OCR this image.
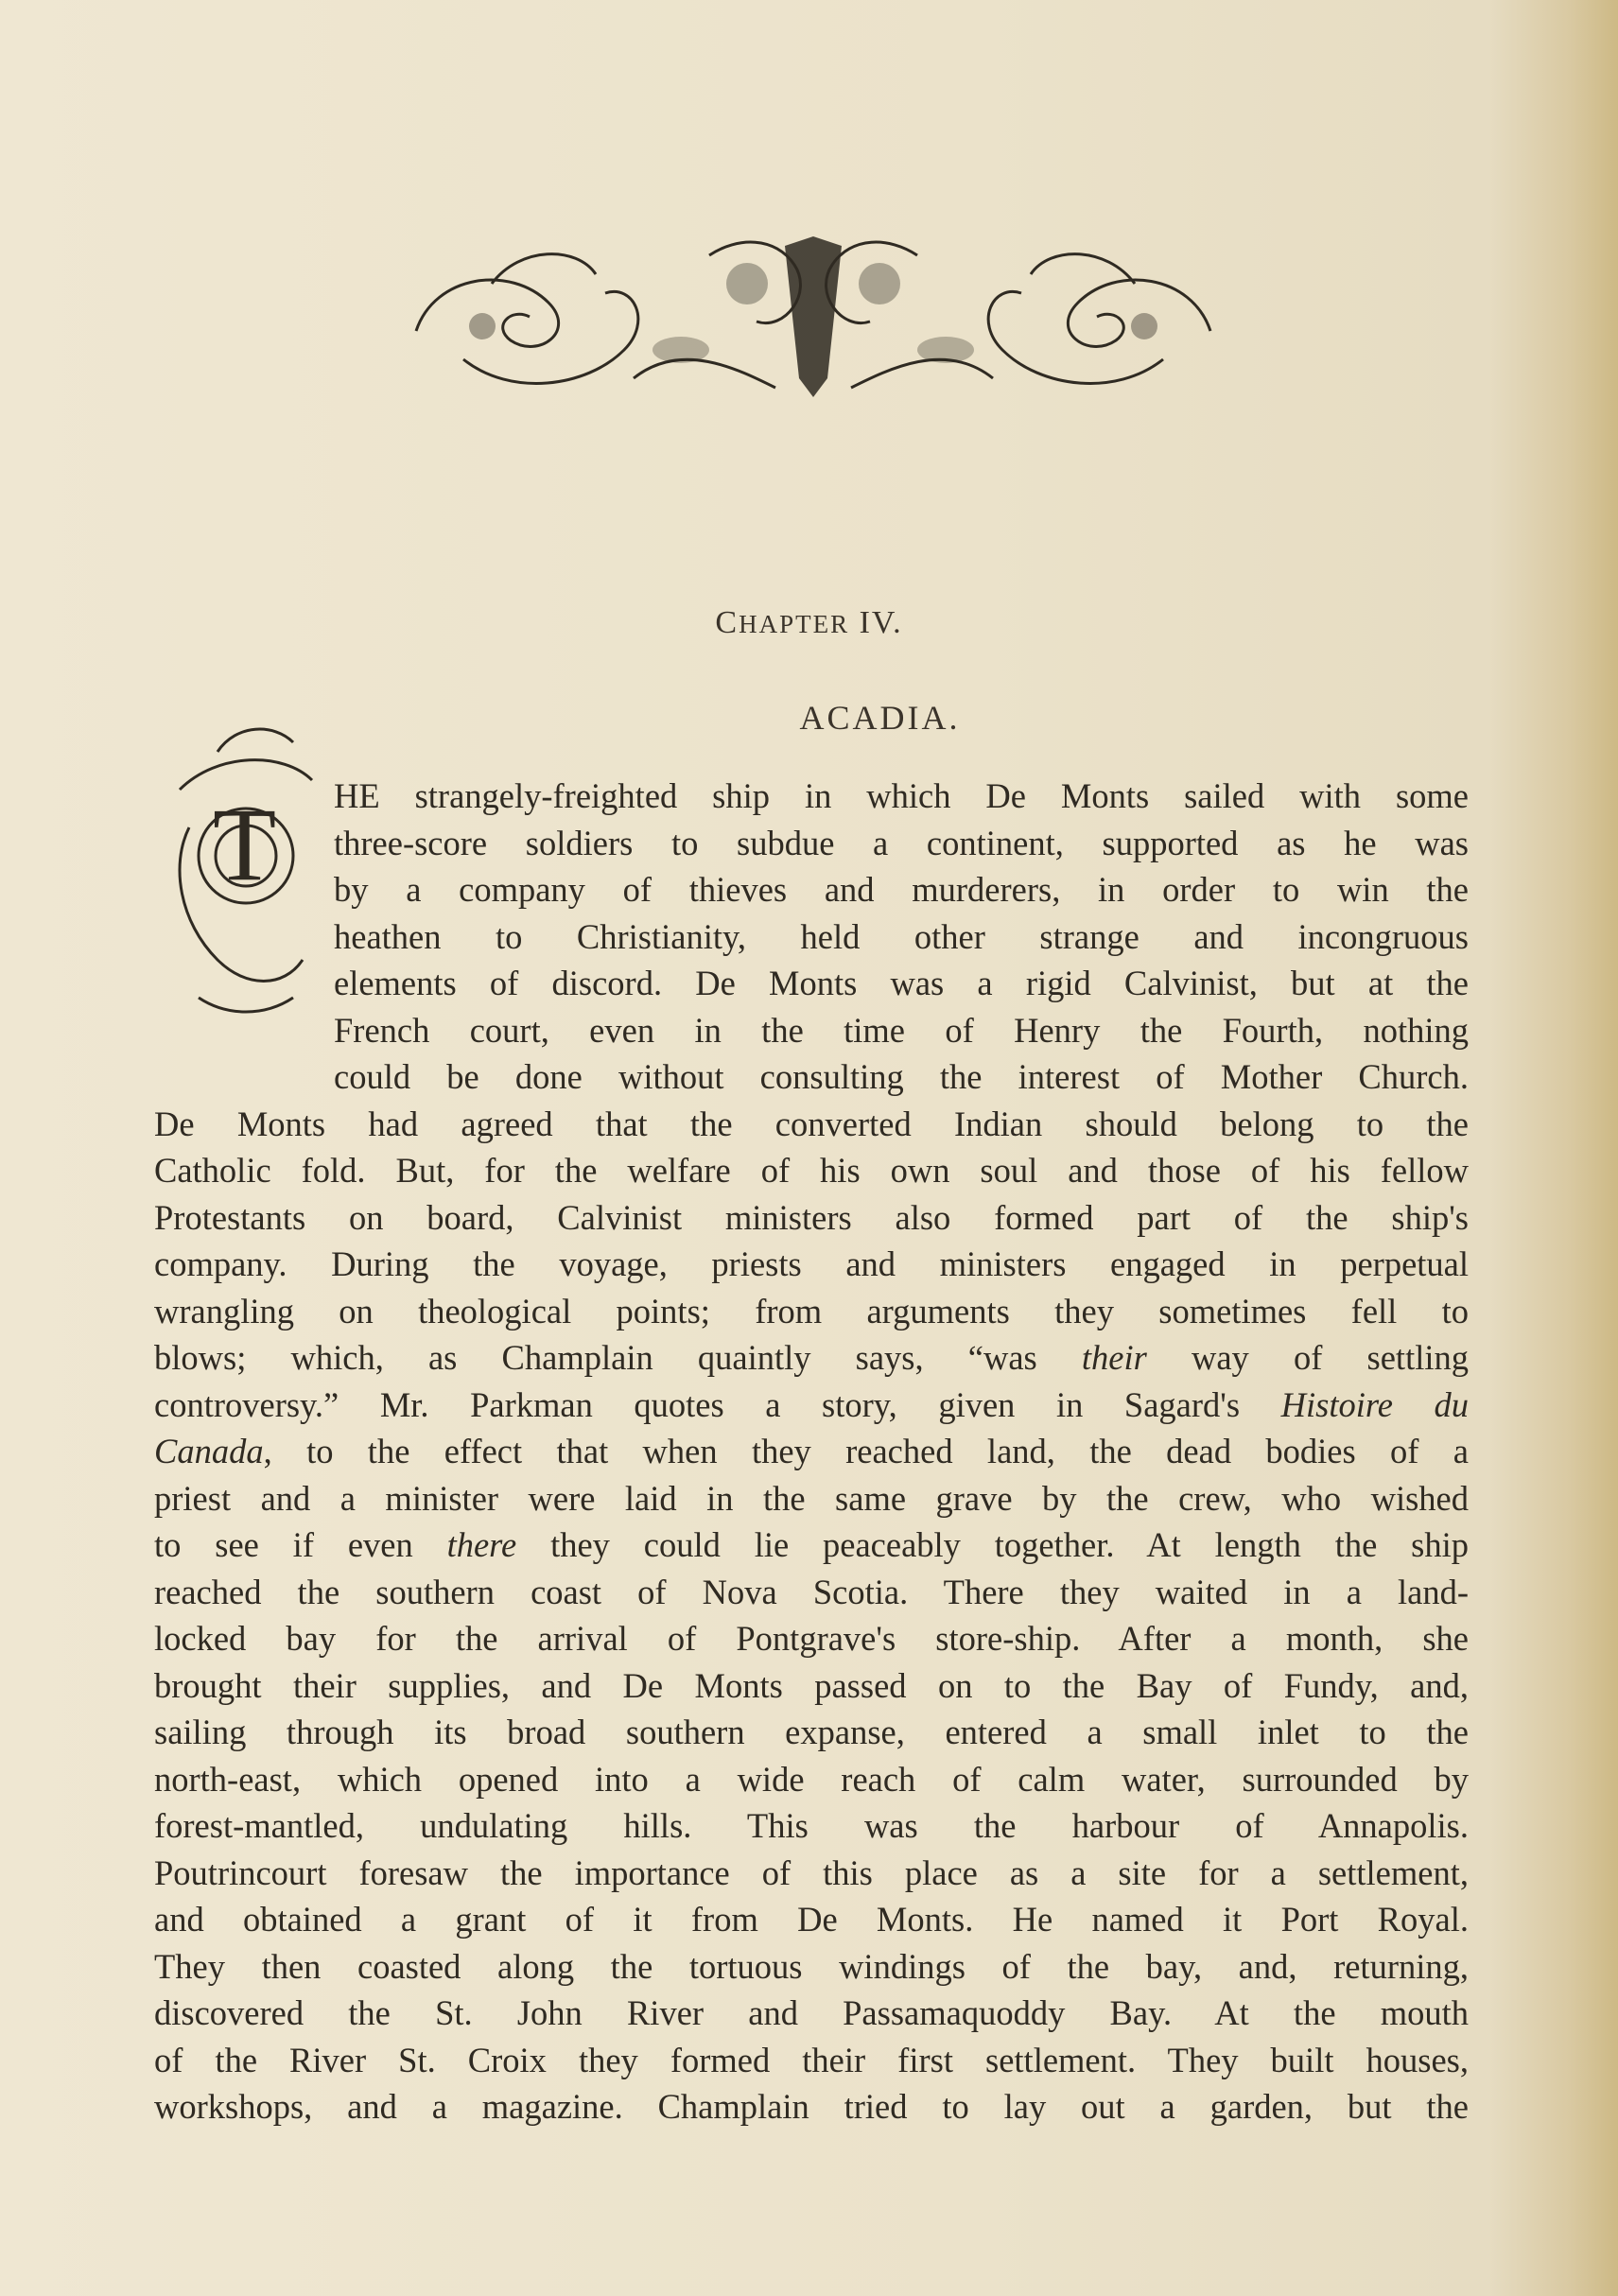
CHAPTER IV.
ACADIA.
T HE strangely-freighted ship in which De Monts sailed with some
three-score soldiers to subdue a continent, supported as he was
by a company of thieves and murderers, in order to win the
heathen to Christianity, held other strange and incongruous
elements of discord. De Monts was a rigid Calvinist, but at the
French court, even in the time of Henry the Fourth, nothing
could be done without consulting the interest of Mother Church.
De Monts had agreed that the converted Indian should belong to the
Catholic fold. But, for the welfare of his own soul and those of his fellow
Protestants on board, Calvinist ministers also formed part of the ship's
company. During the voyage, priests and ministers engaged in perpetual
wrangling on theological points; from arguments they sometimes fell to
blows; which, as Champlain quaintly says, “was their way of settling
controversy.” Mr. Parkman quotes a story, given in Sagard's Histoire du
Canada, to the effect that when they reached land, the dead bodies of a
priest and a minister were laid in the same grave by the crew, who wished
to see if even there they could lie peaceably together. At length the ship
reached the southern coast of Nova Scotia. There they waited in a land-
locked bay for the arrival of Pontgrave's store-ship. After a month, she
brought their supplies, and De Monts passed on to the Bay of Fundy, and,
sailing through its broad southern expanse, entered a small inlet to the
north-east, which opened into a wide reach of calm water, surrounded by
forest-mantled, undulating hills. This was the harbour of Annapolis.
Poutrincourt foresaw the importance of this place as a site for a settlement,
and obtained a grant of it from De Monts. He named it Port Royal.
They then coasted along the tortuous windings of the bay, and, returning,
discovered the St. John River and Passamaquoddy Bay. At the mouth
of the River St. Croix they formed their first settlement. They built houses,
workshops, and a magazine. Champlain tried to lay out a garden, but the
